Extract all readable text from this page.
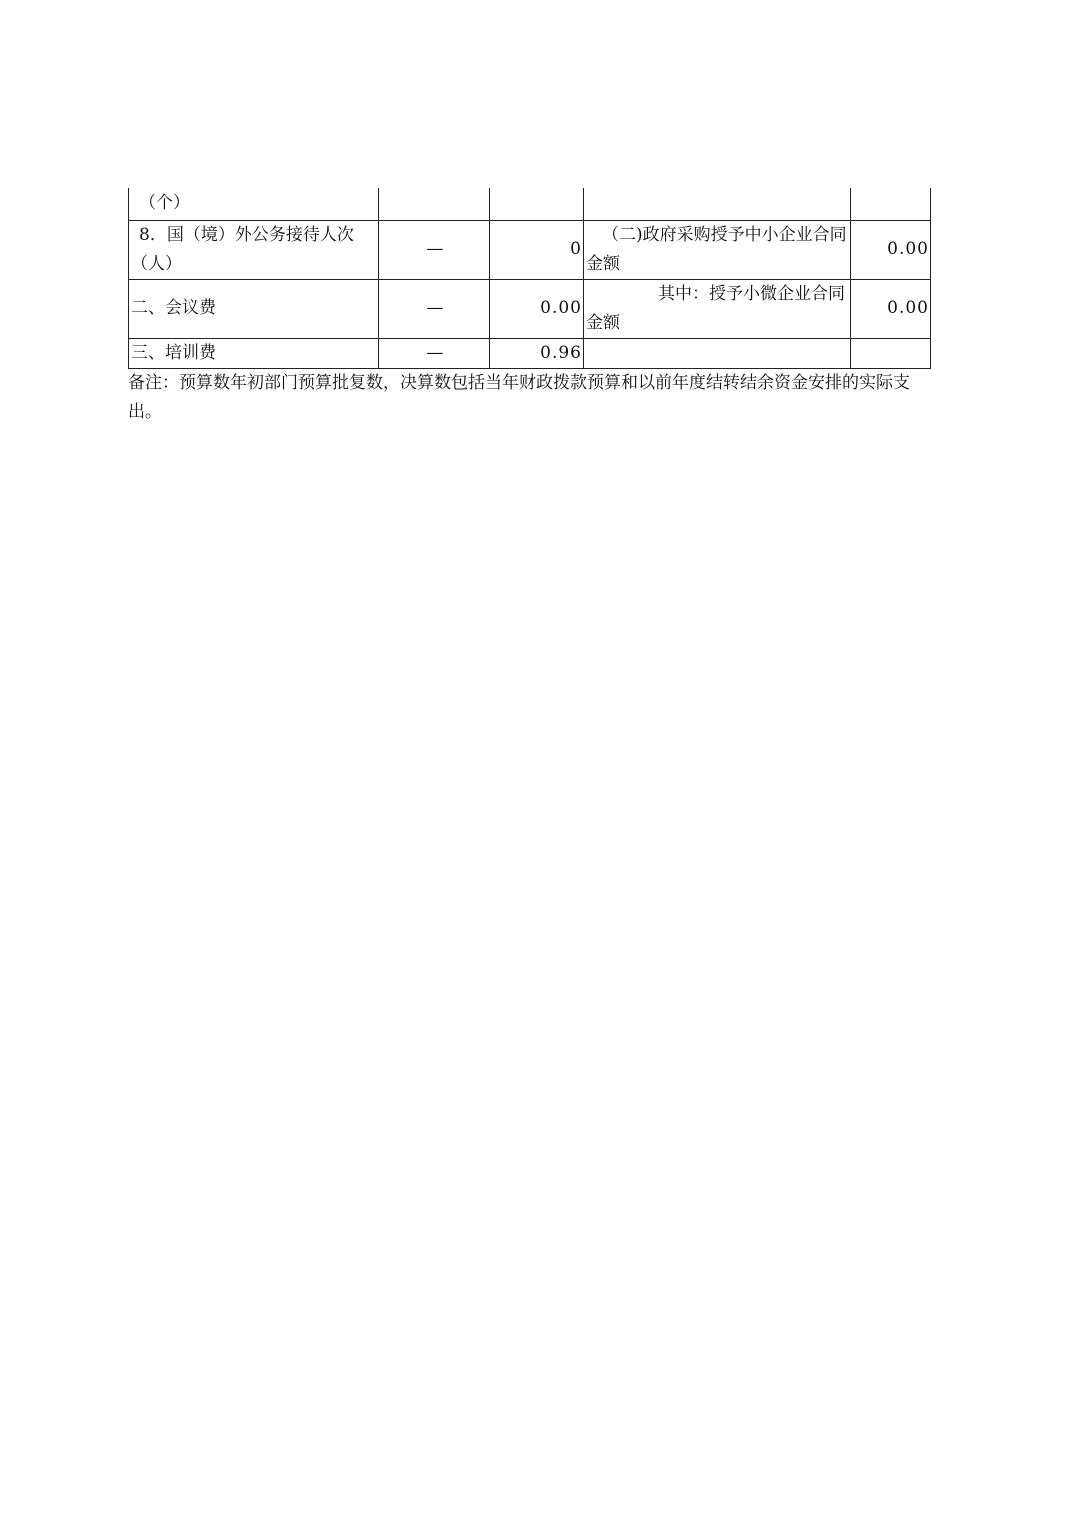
（个）				
8．国（境）外公务接待人次（人）	—	0	（二)政府采购授予中小企业合同金额	0.00
二、会议费	—	0.00	其中：授予小微企业合同金额	0.00
三、培训费	—	0.96		
备注：预算数年初部门预算批复数，决算数包括当年财政拨款预算和以前年度结转结余资金安排的实际支出。
